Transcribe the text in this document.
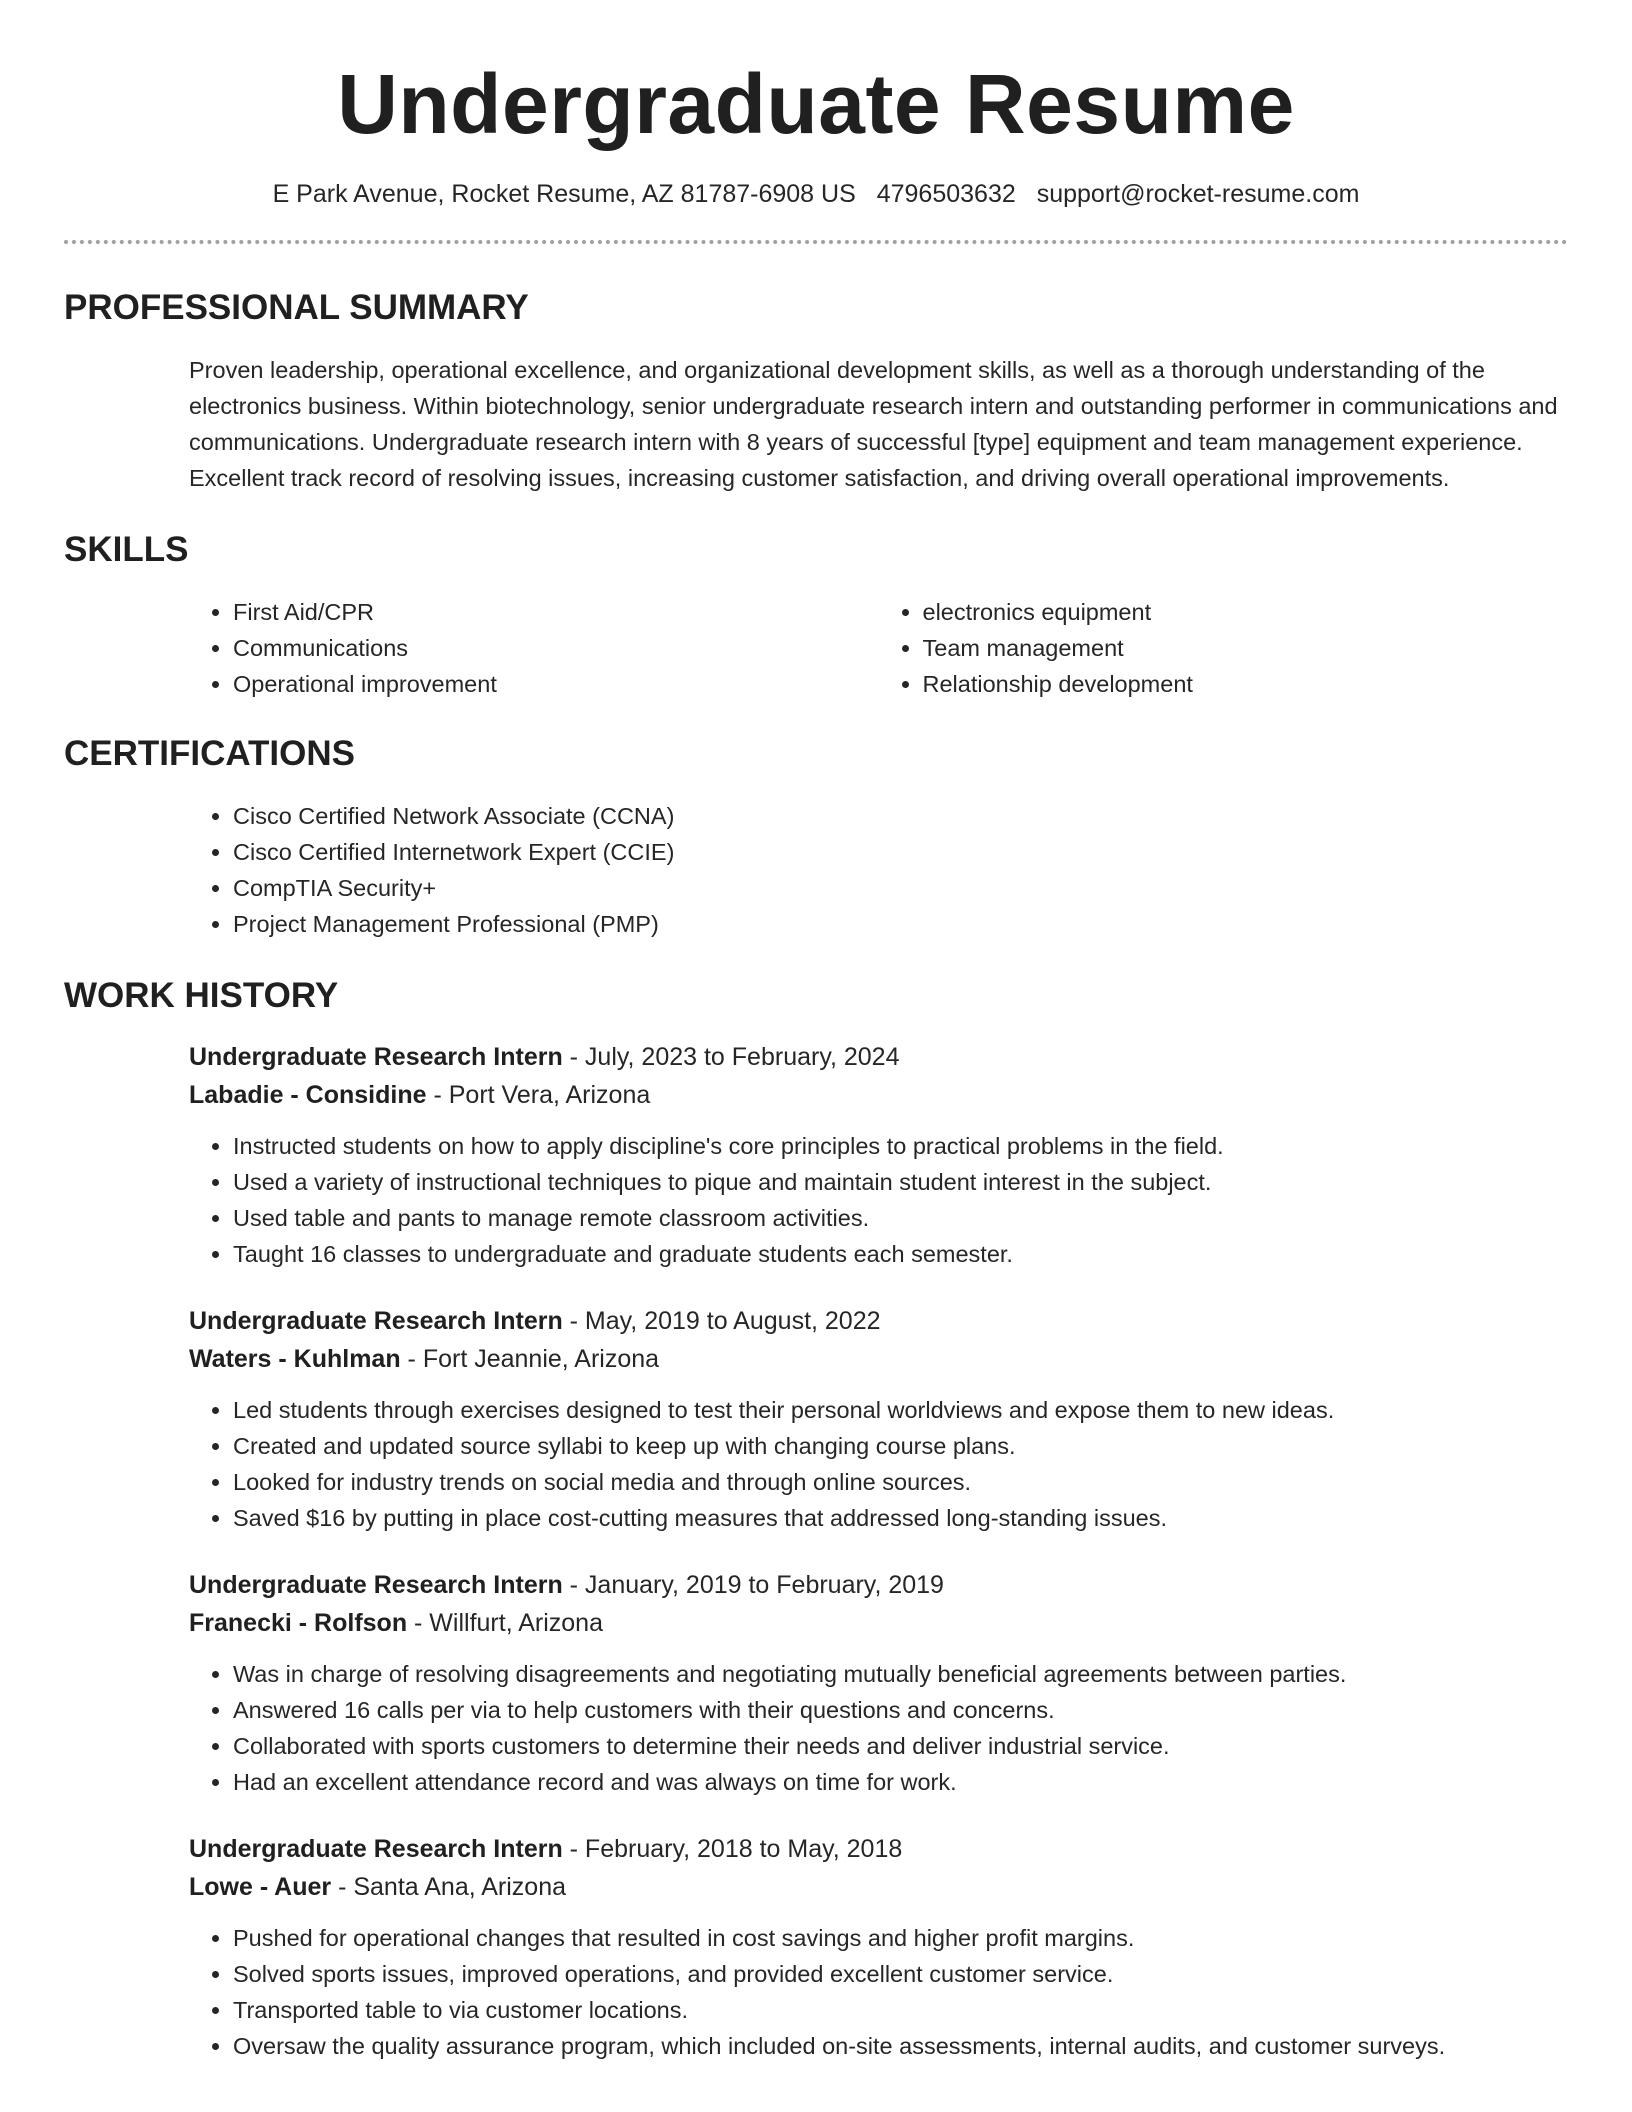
Undergraduate Resume
E Park Avenue, Rocket Resume, AZ 81787-6908 US 4796503632 support@rocket-resume.com
PROFESSIONAL SUMMARY

Proven leadership, operational excellence, and organizational development skills, as well as a thorough understanding of the electronics business. Within biotechnology, senior undergraduate research intern and outstanding performer in communications and communications. Undergraduate research intern with 8 years of successful [type] equipment and team management experience. Excellent track record of resolving issues, increasing customer satisfaction, and driving overall operational improvements.

SKILLS
• First Aid/CPR
• Communications
• Operational improvement
• electronics equipment
• Team management
• Relationship development
CERTIFICATIONS
• Cisco Certified Network Associate (CCNA)
• Cisco Certified Internetwork Expert (CCIE)
• CompTIA Security+
• Project Management Professional (PMP)
WORK HISTORY
Undergraduate Research Intern - July, 2023 to February, 2024
Labadie - Considine - Port Vera, Arizona
• Instructed students on how to apply discipline's core principles to practical problems in the field.
• Used a variety of instructional techniques to pique and maintain student interest in the subject.
• Used table and pants to manage remote classroom activities.
• Taught 16 classes to undergraduate and graduate students each semester.
Undergraduate Research Intern - May, 2019 to August, 2022
Waters - Kuhlman - Fort Jeannie, Arizona
• Led students through exercises designed to test their personal worldviews and expose them to new ideas.
• Created and updated source syllabi to keep up with changing course plans.
• Looked for industry trends on social media and through online sources.
• Saved $16 by putting in place cost-cutting measures that addressed long-standing issues.
Undergraduate Research Intern - January, 2019 to February, 2019
Franecki - Rolfson - Willfurt, Arizona
• Was in charge of resolving disagreements and negotiating mutually beneficial agreements between parties.
• Answered 16 calls per via to help customers with their questions and concerns.
• Collaborated with sports customers to determine their needs and deliver industrial service.
• Had an excellent attendance record and was always on time for work.
Undergraduate Research Intern - February, 2018 to May, 2018
Lowe - Auer - Santa Ana, Arizona
• Pushed for operational changes that resulted in cost savings and higher profit margins.
• Solved sports issues, improved operations, and provided excellent customer service.
• Transported table to via customer locations.
• Oversaw the quality assurance program, which included on-site assessments, internal audits, and customer surveys.
